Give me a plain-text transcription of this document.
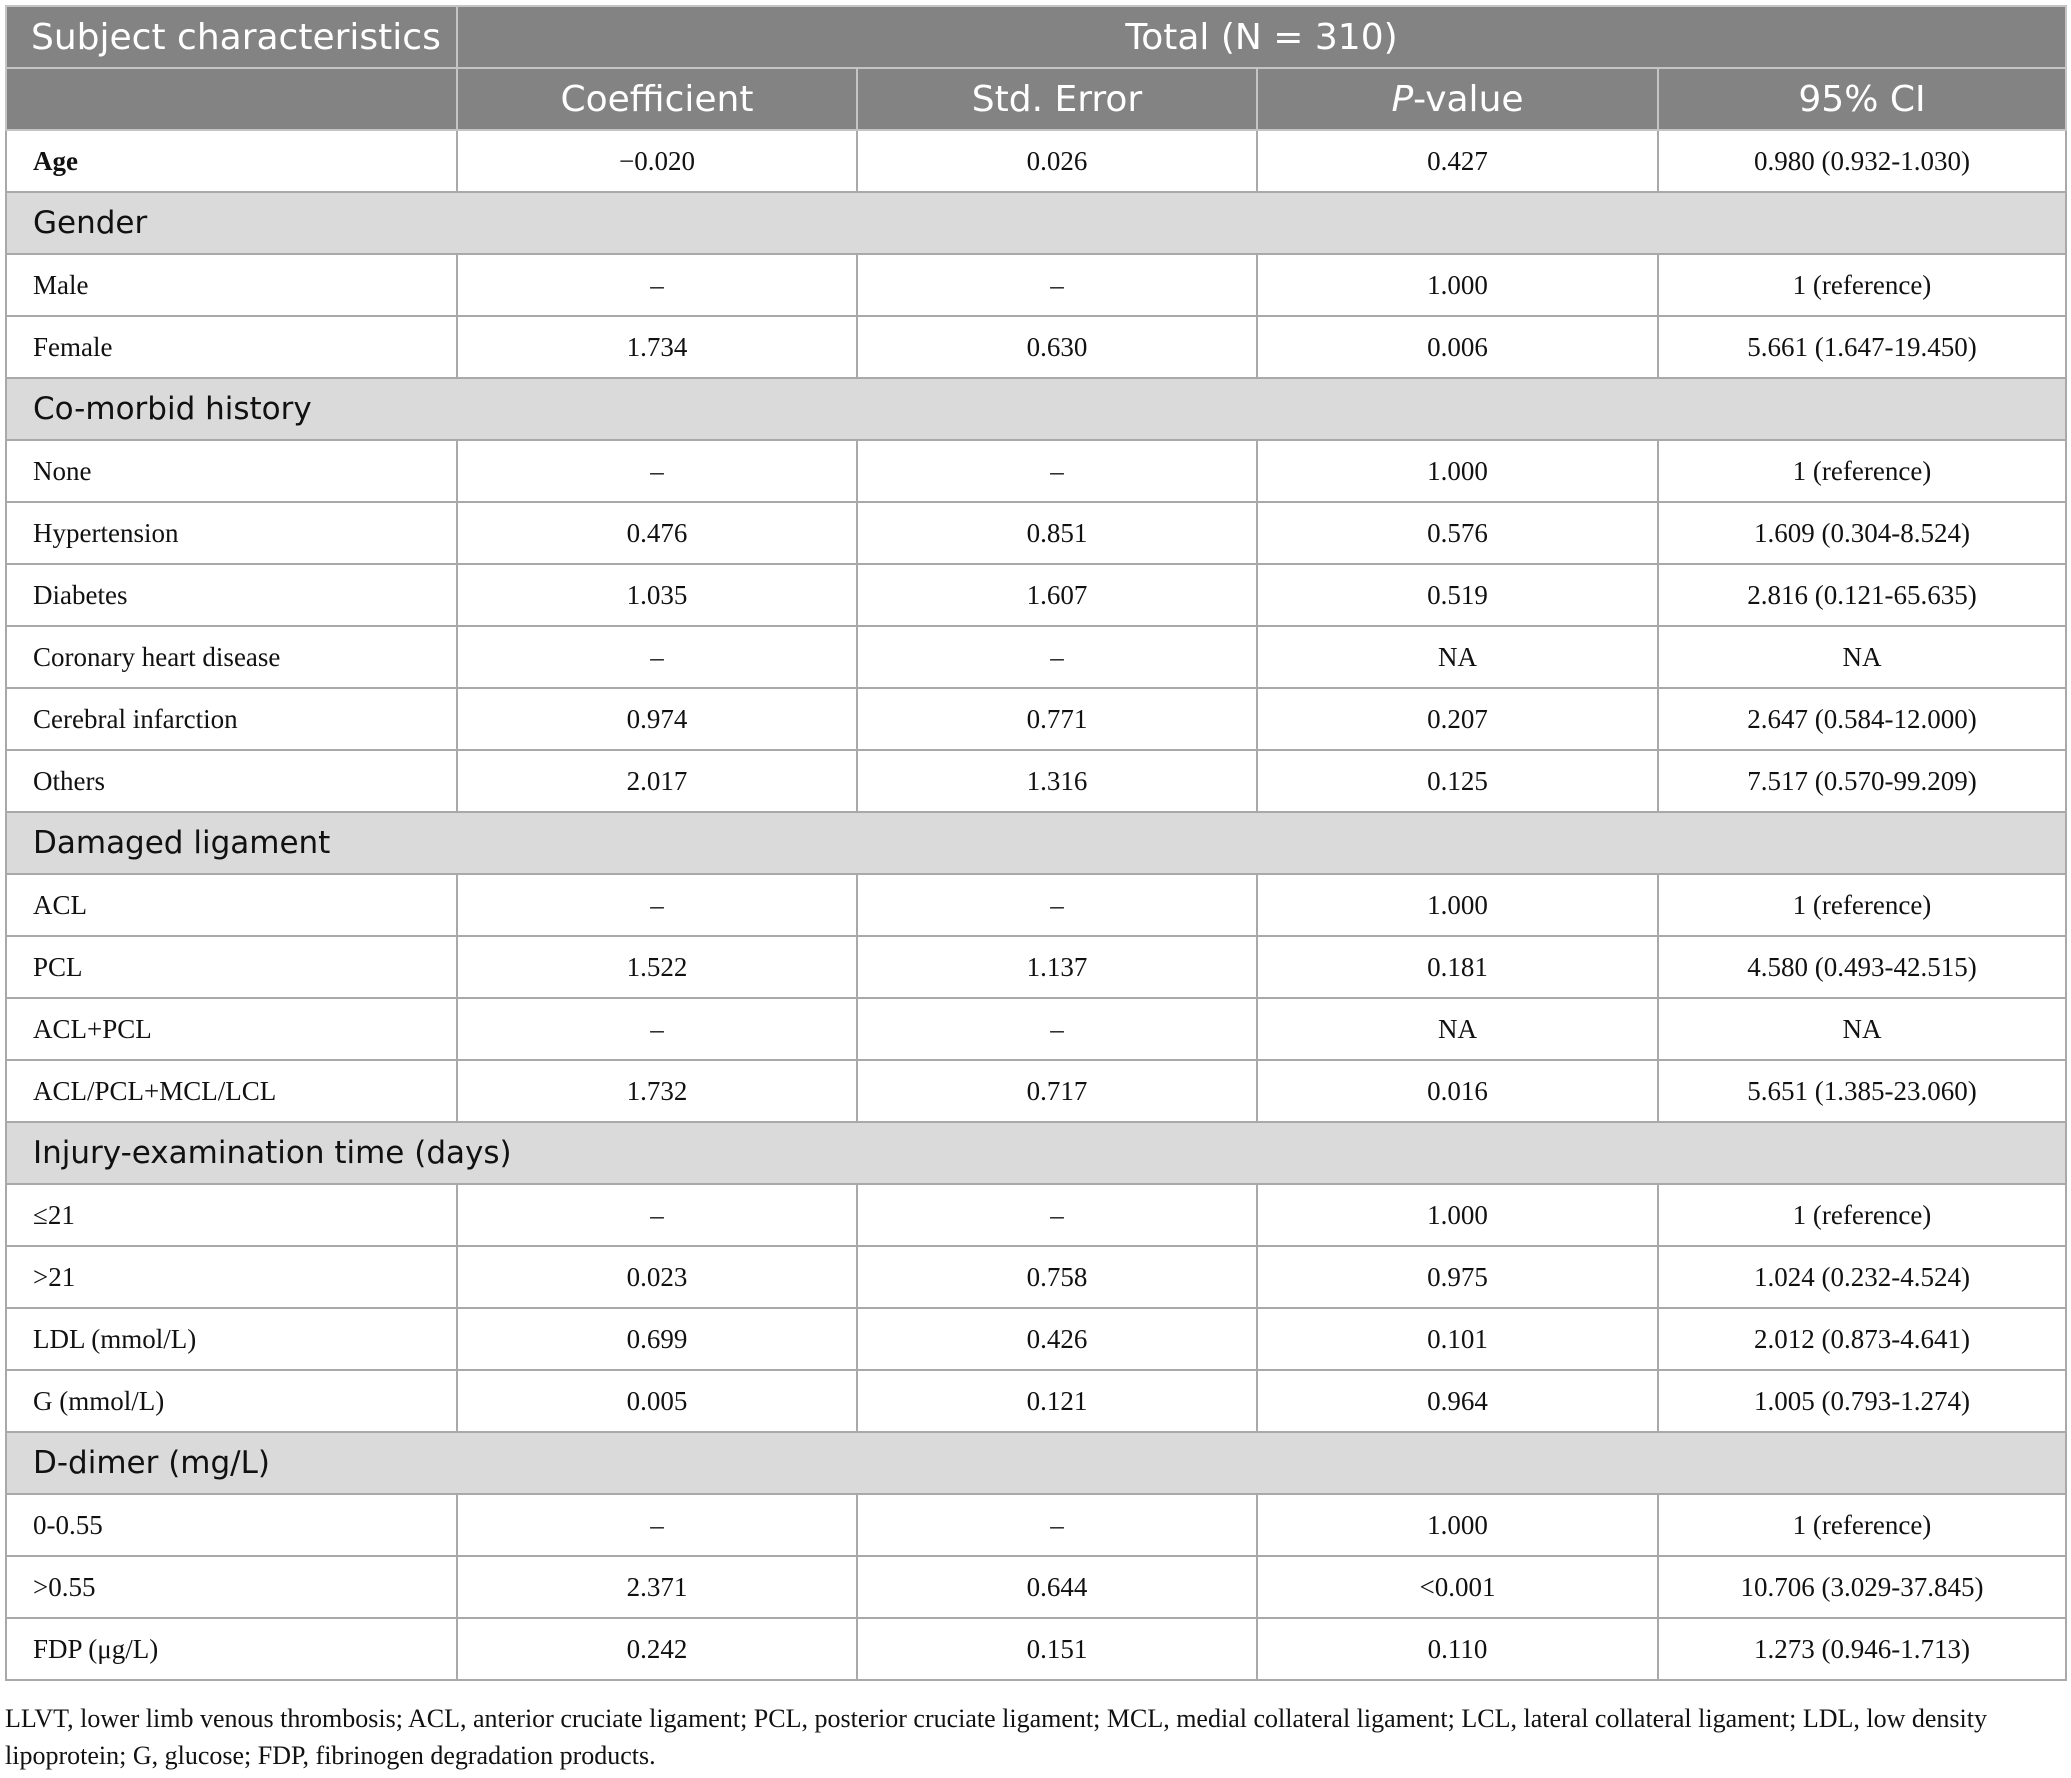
Subject characteristics	Total (N = 310)			
	Coefficient	Std. Error	P-value	95% CI
Age	−0.020	0.026	0.427	0.980 (0.932-1.030)
Gender				
Male	–	–	1.000	1 (reference)
Female	1.734	0.630	0.006	5.661 (1.647-19.450)
Co-morbid history				
None	–	–	1.000	1 (reference)
Hypertension	0.476	0.851	0.576	1.609 (0.304-8.524)
Diabetes	1.035	1.607	0.519	2.816 (0.121-65.635)
Coronary heart disease	–	–	NA	NA
Cerebral infarction	0.974	0.771	0.207	2.647 (0.584-12.000)
Others	2.017	1.316	0.125	7.517 (0.570-99.209)
Damaged ligament				
ACL	–	–	1.000	1 (reference)
PCL	1.522	1.137	0.181	4.580 (0.493-42.515)
ACL+PCL	–	–	NA	NA
ACL/PCL+MCL/LCL	1.732	0.717	0.016	5.651 (1.385-23.060)
Injury-examination time (days)				
≤21	–	–	1.000	1 (reference)
>21	0.023	0.758	0.975	1.024 (0.232-4.524)
LDL (mmol/L)	0.699	0.426	0.101	2.012 (0.873-4.641)
G (mmol/L)	0.005	0.121	0.964	1.005 (0.793-1.274)
D-dimer (mg/L)				
0-0.55	–	–	1.000	1 (reference)
>0.55	2.371	0.644	<0.001	10.706 (3.029-37.845)
FDP (μg/L)	0.242	0.151	0.110	1.273 (0.946-1.713)
LLVT, lower limb venous thrombosis; ACL, anterior cruciate ligament; PCL, posterior cruciate ligament; MCL, medial collateral ligament; LCL, lateral collateral ligament; LDL, low density lipoprotein; G, glucose; FDP, fibrinogen degradation products.
